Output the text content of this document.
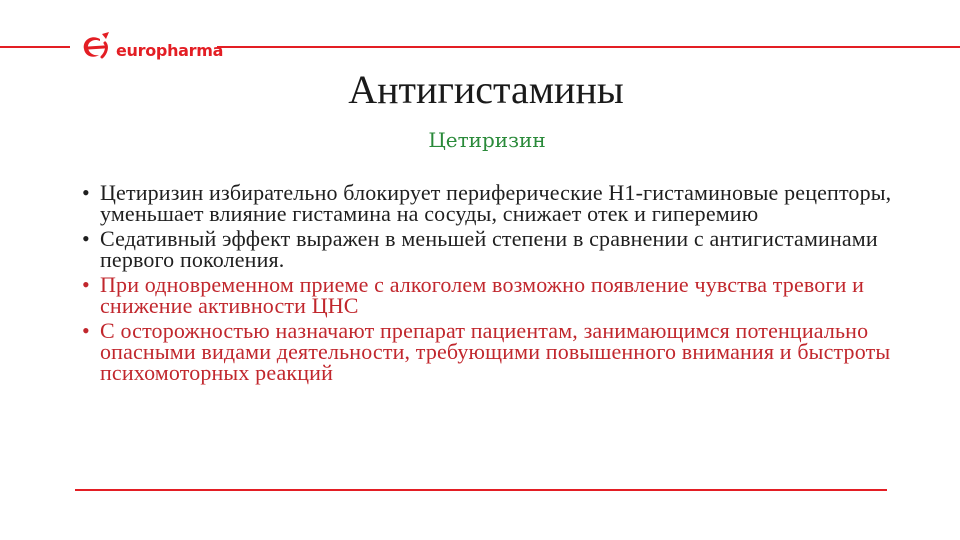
europharma
Антигистамины
Цетиризин
• Цетиризин избирательно блокирует периферические Н1-гистаминовые рецепторы, уменьшает влияние гистамина на сосуды, снижает отек и гиперемию
• Седативный эффект выражен в меньшей степени в сравнении с антигистаминами первого поколения.
• При одновременном приеме с алкоголем возможно появление чувства тревоги и снижение активности ЦНС
• С осторожностью назначают препарат пациентам, занимающимся потенциально опасными видами деятельности, требующими повышенного внимания и быстроты психомоторных реакций
